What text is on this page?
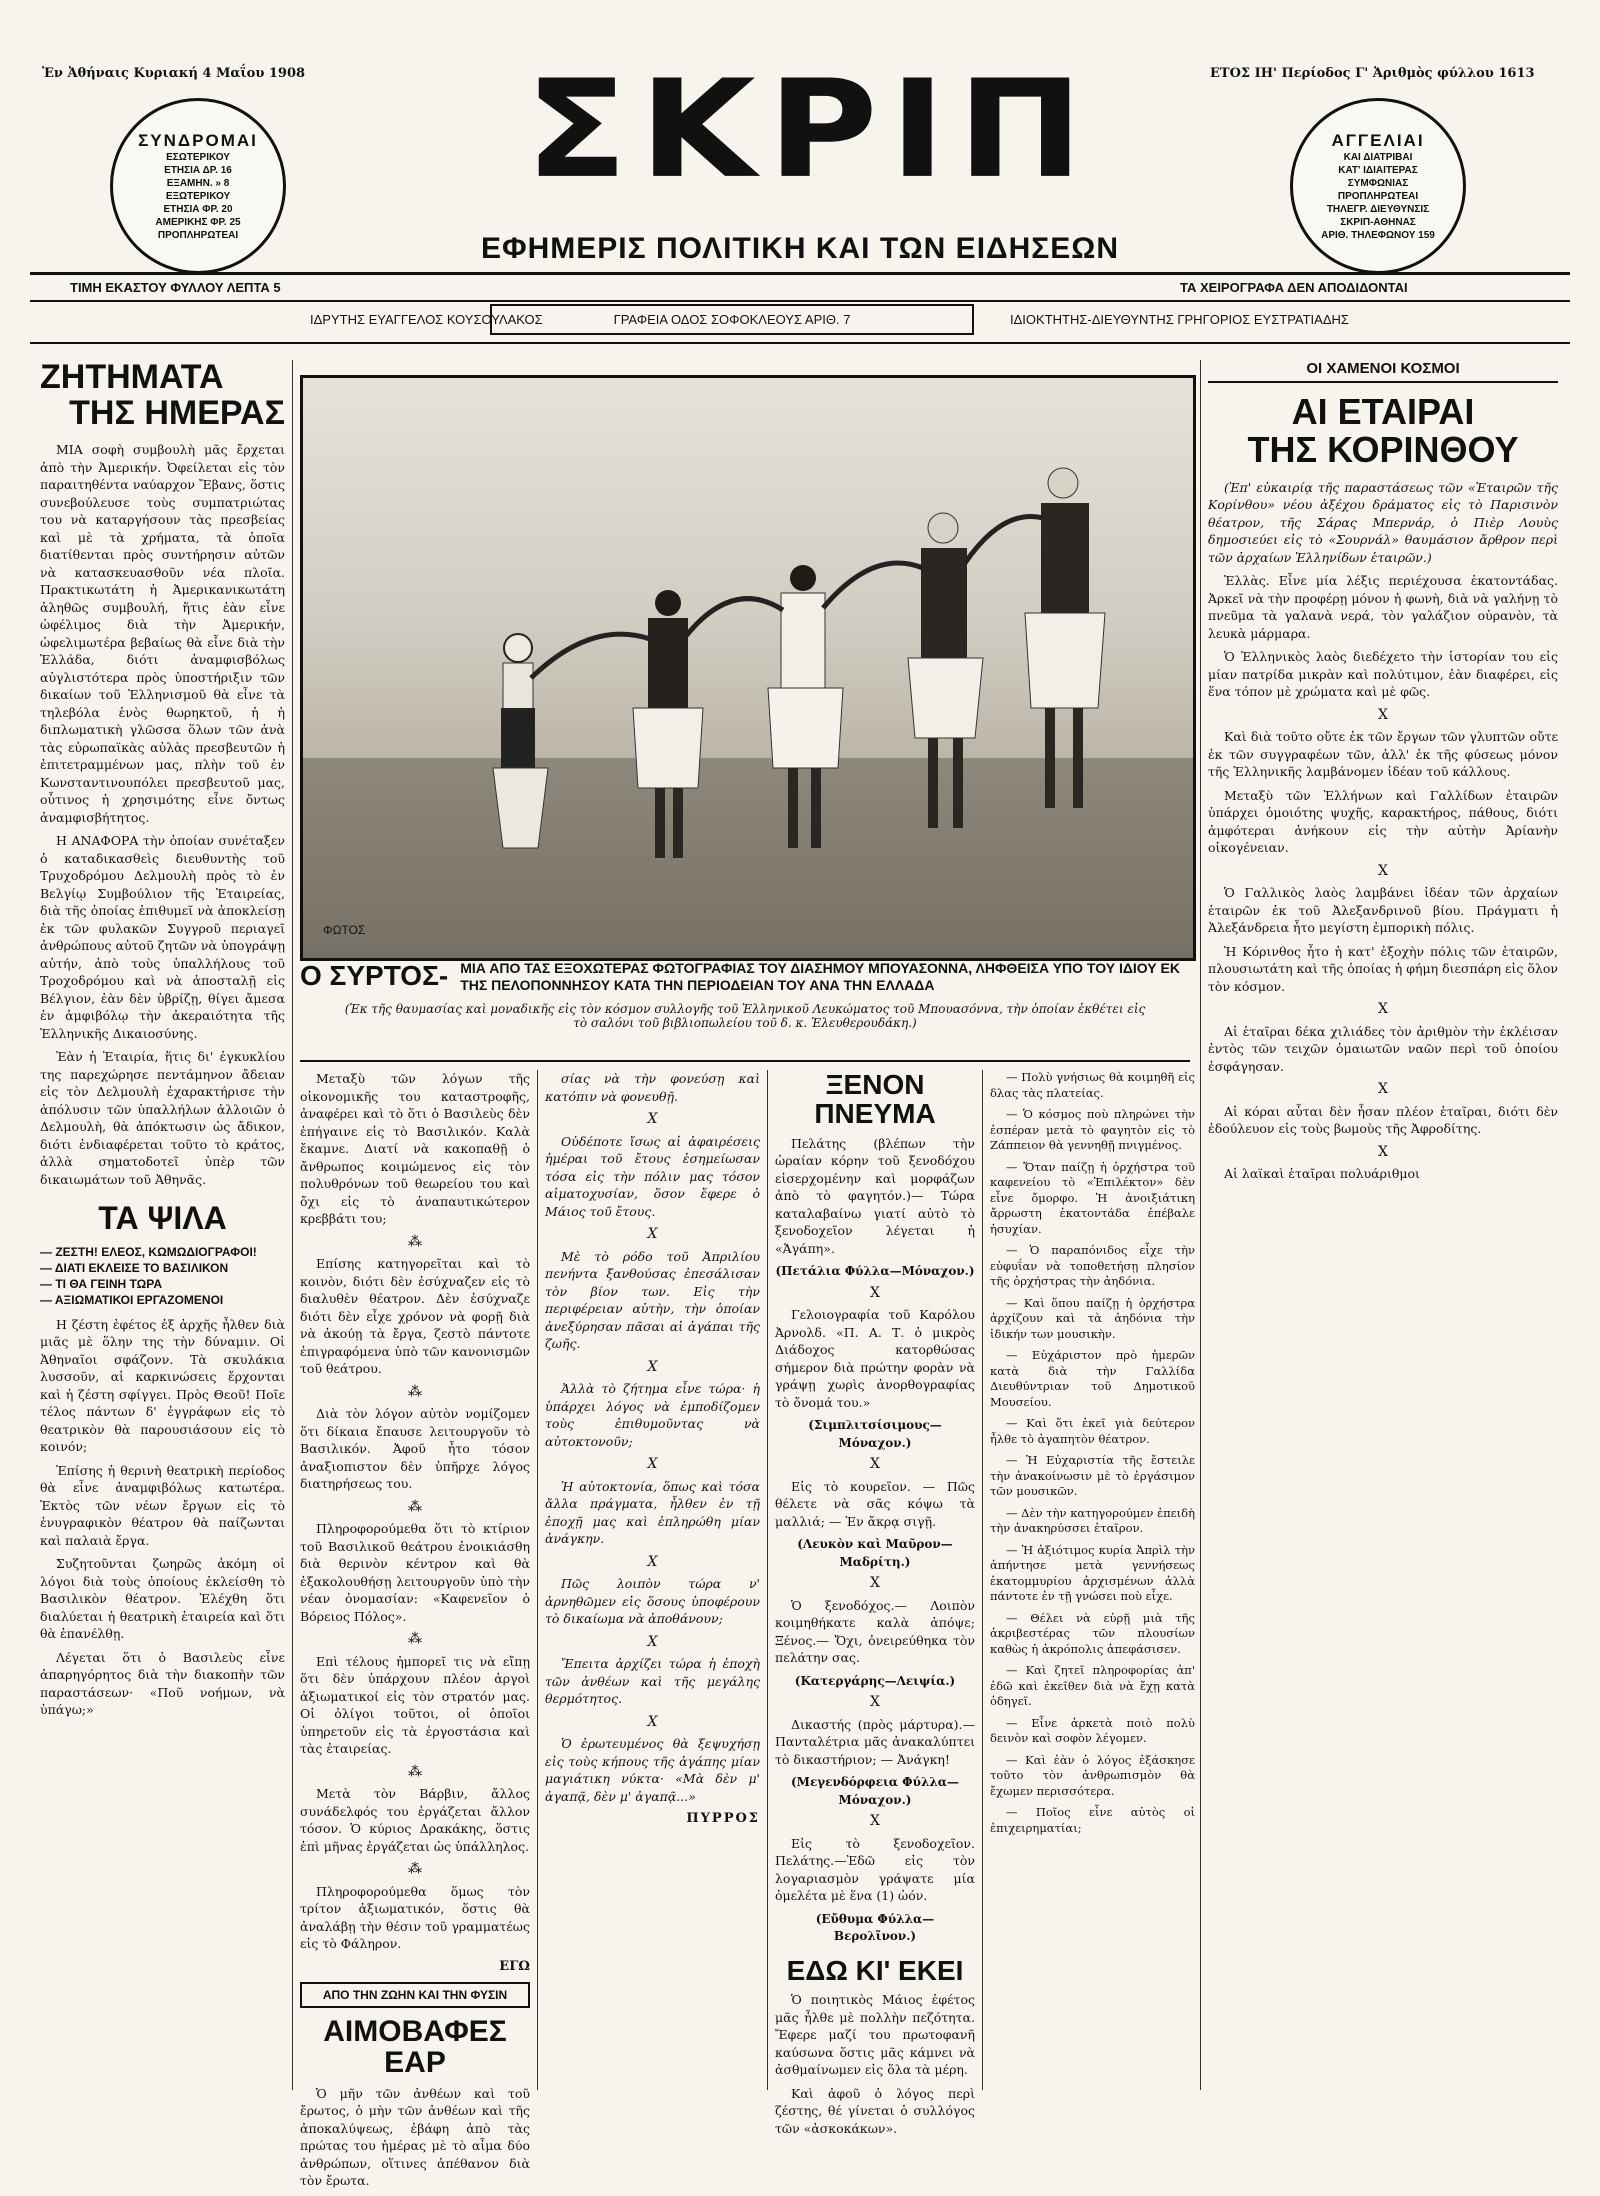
Ἐν Ἀθήναις Κυριακή 4 Μαΐου 1908	ΕΤΟΣ ΙΗ' Περίοδος Γ' Ἀριθμὸς φύλλου 1613
ΣΥΝΔΡΟΜΑΙ
ΕΣΩΤΕΡΙΚΟΥ
ΕΤΗΣΙΑ ΔΡ. 16
ΕΞΑΜΗΝ. » 8
ΕΞΩΤΕΡΙΚΟΥ
ΕΤΗΣΙΑ ΦΡ. 20
ΑΜΕΡΙΚΗΣ ΦΡ. 25
ΠΡΟΠΛΗΡΩΤΕΑΙ
ΣΚΡΙΠ	ΑΓΓΕΛΙΑΙ
ΚΑΙ ΔΙΑΤΡΙΒΑΙ
ΚΑΤ' ΙΔΙΑΙΤΕΡΑΣ
ΣΥΜΦΩΝΙΑΣ
ΠΡΟΠΛΗΡΩΤΕΑΙ
ΤΗΛΕΓΡ. ΔΙΕΥΘΥΝΣΙΣ
ΣΚΡΙΠ-ΑΘΗΝΑΣ
ΑΡΙΘ. ΤΗΛΕΦΩΝΟΥ 159
ΕΦΗΜΕΡΙΣ ΠΟΛΙΤΙΚΗ ΚΑΙ ΤΩΝ ΕΙΔΗΣΕΩΝ
ΤΙΜΗ ΕΚΑΣΤΟΥ ΦΥΛΛΟΥ ΛΕΠΤΑ 5	ΤΑ ΧΕΙΡΟΓΡΑΦΑ ΔΕΝ ΑΠΟΔΙΔΟΝΤΑΙ
ΙΔΡΥΤΗΣ ΕΥΑΓΓΕΛΟΣ ΚΟΥΣΟΥΛΑΚΟΣ	ΓΡΑΦΕΙΑ ΟΔΟΣ ΣΟΦΟΚΛΕΟΥΣ ΑΡΙΘ. 7	ΙΔΙΟΚΤΗΤΗΣ-ΔΙΕΥΘΥΝΤΗΣ ΓΡΗΓΟΡΙΟΣ ΕΥΣΤΡΑΤΙΑΔΗΣ
ΖΗΤΗΜΑΤΑ
ΤΗΣ ΗΜΕΡΑΣ

ΜΙΑ σοφὴ συμβουλὴ μᾶς ἔρχεται ἀπὸ τὴν Ἀμερικήν. Ὀφείλεται εἰς τὸν παραιτηθέντα ναύαρχον Ἔβανς, ὅστις συνεβούλευσε τοὺς συμπατριώτας του νὰ καταργήσουν τὰς πρεσβείας καὶ μὲ τὰ χρήματα, τὰ ὁποῖα διατίθενται πρὸς συντήρησιν αὐτῶν νὰ κατασκευασθοῦν νέα πλοῖα. Πρακτικωτάτη ἡ Ἀμερικανικωτάτη ἀληθῶς συμβουλή, ἥτις ἐὰν εἶνε ὠφέλιμος διὰ τὴν Ἀμερικήν, ὠφελιμωτέρα βεβαίως θὰ εἶνε διὰ τὴν Ἑλλάδα, διότι ἀναμφισβόλως αὐγλιστότερα πρὸς ὑποστήριξιν τῶν δικαίων τοῦ Ἑλληνισμοῦ θὰ εἶνε τὰ τηλεβόλα ἑνὸς θωρηκτοῦ, ἡ ἡ διπλωματικὴ γλῶσσα ὅλων τῶν ἀνὰ τὰς εὐρωπαϊκὰς αὐλὰς πρεσβευτῶν ἡ ἐπιτετραμμένων μας, πλὴν τοῦ ἐν Κωνσταντινουπόλει πρεσβευτοῦ μας, οὗτινος ἡ χρησιμότης εἶνε ὄντως ἀναμφισβήτητος.

Η ΑΝΑΦΟΡΑ τὴν ὁποίαν συνέταξεν ὁ καταδικασθεὶς διευθυντὴς τοῦ Τρυχοδρόμου Δελμουλὴ πρὸς τὸ ἐν Βελγίῳ Συμβούλιον τῆς Ἐταιρείας, διὰ τῆς ὁποίας ἐπιθυμεῖ νὰ ἀποκλείσῃ ἐκ τῶν φυλακῶν Συγγροῦ περιαγεῖ ἀνθρώπους αὐτοῦ ζητῶν νὰ ὑπογράψῃ αὐτήν, ἀπὸ τοὺς ὑπαλλήλους τοῦ Τροχοδρόμου καὶ νὰ ἀποσταλῇ εἰς Βέλγιον, ἐὰν δὲν ὑβρίζῃ, θίγει ἄμεσα ἐν ἀμφιβόλῳ τὴν ἀκεραιότητα τῆς Ἑλληνικῆς Δικαιοσύνης.

Ἐὰν ἡ Ἐταιρία, ἥτις δι' ἐγκυκλίου της παρεχώρησε πεντάμηνον ἄδειαν εἰς τὸν Δελμουλὴ ἐχαρακτήρισε τὴν ἀπόλυσιν τῶν ὑπαλλήλων ἀλλοιῶν ὁ Δελμουλὴ, θὰ ἀπόκτωσιν ὡς ἄδικον, διότι ἐνδιαφέρεται τοῦτο τὸ κράτος, ἀλλὰ σηματοδοτεῖ ὑπὲρ τῶν δικαιωμάτων τοῦ Ἀθηνᾶς.

ΤΑ ΨΙΛΑ
— ΖΕΣΤΗ! ΕΛΕΟΣ, ΚΩΜΩΔΙΟΓΡΑΦΟΙ!
— ΔΙΑΤΙ ΕΚΛΕΙΣΕ ΤΟ ΒΑΣΙΛΙΚΟΝ
— ΤΙ ΘΑ ΓΕΙΝΗ ΤΩΡΑ
— ΑΞΙΩΜΑΤΙΚΟΙ ΕΡΓΑΖΟΜΕΝΟΙ

Η ζέστη ἐφέτος ἐξ ἀρχῆς ἦλθεν διὰ μιᾶς μὲ ὅλην της τὴν δύναμιν. Οἱ Ἀθηναῖοι σφάζονν. Τὰ σκυλάκια λυσσοῦν, αἱ καρκινώσεις ἔρχονται καὶ ἡ ζέστη σφίγγει. Πρὸς Θεοῦ! Ποῖε τέλος πάντων δ' ἐγγράφων εἰς τὸ θεατρικὸν θὰ παρουσιάσουν εἰς τὸ κοινόν;

Ἐπίσης ἡ θερινὴ θεατρικὴ περίοδος θὰ εἶνε ἀναμφιβόλως κατωτέρα. Ἐκτὸς τῶν νέων ἔργων εἰς τὸ ἐνυγραφικὸν θέατρον θὰ παίζωνται καὶ παλαιὰ ἔργα.

Συζητοῦνται ζωηρῶς ἀκόμη οἱ λόγοι διὰ τοὺς ὁποίους ἐκλείσθη τὸ Βασιλικὸν θέατρον. Ἐλέχθη ὅτι διαλύεται ἡ θεατρικὴ ἑταιρεία καὶ ὅτι θὰ ἐπανέλθῃ.

Λέγεται ὅτι ὁ Βασιλεὺς εἶνε ἀπαρηγόρητος διὰ τὴν διακοπὴν τῶν παραστάσεων· «Ποῦ νοήμων, νὰ ὑπάγω;»

ΦΩΤΟΣ
Ο ΣΥΡΤΟΣ- ΜΙΑ ΑΠΟ ΤΑΣ ΕΞΟΧΩΤΕΡΑΣ ΦΩΤΟΓΡΑΦΙΑΣ ΤΟΥ ΔΙΑΣΗΜΟΥ ΜΠΟΥΑΣΟΝΝΑ, ΛΗΦΘΕΙΣΑ ΥΠΟ ΤΟΥ ΙΔΙΟΥ ΕΚ ΤΗΣ ΠΕΛΟΠΟΝΝΗΣΟΥ ΚΑΤΑ ΤΗΝ ΠΕΡΙΟΔΕΙΑΝ ΤΟΥ ΑΝΑ ΤΗΝ ΕΛΛΑΔΑ
(Ἐκ τῆς θαυμασίας καὶ μοναδικῆς εἰς τὸν κόσμον συλλογῆς τοῦ Ἑλληνικοῦ Λευκώματος τοῦ Μπουασόννα, τὴν ὁποίαν ἐκθέτει εἰς τὸ σαλόνι τοῦ βιβλιοπωλείου τοῦ δ. κ. Ἐλευθερουδάκη.)

Μεταξὺ τῶν λόγων τῆς οἰκονομικῆς του καταστροφῆς, ἀναφέρει καὶ τὸ ὅτι ὁ Βασιλεὺς δὲν ἐπήγαινε εἰς τὸ Βασιλικόν. Καλὰ ἔκαμνε. Διατί νὰ κακοπαθῇ ὁ ἄνθρωπος κοιμώμενος εἰς τὸν πολυθρόνων τοῦ θεωρείου του καὶ ὄχι εἰς τὸ ἀναπαυτικώτερον κρεββάτι του;

⁂

Επίσης κατηγορεῖται καὶ τὸ κοινὸν, διότι δὲν ἐσύχναζεν εἰς τὸ διαλυθὲν θέατρον. Δὲν ἐσύχναζε διότι δὲν εἶχε χρόνον νὰ φορῇ διὰ νὰ ἀκούῃ τὰ ἔργα, ζεστὸ πάντοτε ἐπιγραφόμενα ὑπὸ τῶν κανονισμῶν τοῦ θεάτρου.

⁂

Διὰ τὸν λόγον αὐτὸν νομίζομεν ὅτι δίκαια ἔπαυσε λειτουργοῦν τὸ Βασιλικόν. Ἀφοῦ ἦτο τόσον ἀναξιοπιστον δὲν ὑπῆρχε λόγος διατηρήσεως του.

⁂

Πληροφορούμεθα ὅτι τὸ κτίριον τοῦ Βασιλικοῦ θεάτρου ἐνοικιάσθη διὰ θερινὸν κέντρον καὶ θὰ ἐξακολουθήσῃ λειτουργοῦν ὑπὸ τὴν νέαν ὀνομασίαν: «Καφενεῖον ὁ Βόρειος Πόλος».

⁂

Επὶ τέλους ἠμπορεῖ τις νὰ εἴπῃ ὅτι δὲν ὑπάρχουν πλέον ἀργοὶ ἀξιωματικοί εἰς τὸν στρατόν μας. Οἱ ὀλίγοι τοῦτοι, οἱ ὁποῖοι ὑπηρετοῦν εἰς τὰ ἐργοστάσια καὶ τὰς ἐταιρείας.

⁂

Μετὰ τὸν Βάρβιν, ἄλλος συνάδελφός του ἐργάζεται ἄλλον τόσον. Ὁ κύριος Δρακάκης, ὅστις ἐπὶ μῆνας ἐργάζεται ὡς ὑπάλληλος.

⁂

Πληροφορούμεθα ὅμως τὸν τρίτον ἀξιωματικόν, ὅστις θὰ ἀναλάβῃ τὴν θέσιν τοῦ γραμματέως εἰς τὸ Φάληρον.

ΕΓΩ
ΑΠΟ ΤΗΝ ΖΩΗΝ ΚΑΙ ΤΗΝ ΦΥΣΙΝ
ΑΙΜΟΒΑΦΕΣ ΕΑΡ

Ὁ μῆν τῶν ἀνθέων καὶ τοῦ ἔρωτος, ὁ μὴν τῶν ἀνθέων καὶ τῆς ἀποκαλύψεως, ἐβάφη ἀπὸ τὰς πρώτας του ἡμέρας μὲ τὸ αἷμα δύο ἀνθρώπων, οἵτινες ἀπέθανον διὰ τὸν ἔρωτα.

σίας νὰ τὴν φονεύσῃ καὶ κατόπιν νὰ φονευθῇ.

X

Οὐδέποτε ἴσως αἱ ἀφαιρέσεις ἡμέραι τοῦ ἔτους ἐσημείωσαν τόσα εἰς τὴν πόλιν μας τόσον αἱματοχυσίαν, ὅσον ἔφερε ὁ Μάιος τοῦ ἔτους.

X

Μὲ τὸ ρόδο τοῦ Ἀπριλίου πενήντα ξανθούσας ἐπεσάλισαν τὸν βίον των. Εἰς τὴν περιφέρειαν αὐτὴν, τὴν ὁποίαν ἀνεξύρησαν πᾶσαι αἱ ἀγάπαι τῆς ζωῆς.

X

Ἀλλὰ τὸ ζήτημα εἶνε τώρα· ἡ ὑπάρχει λόγος νὰ ἐμποδίζομεν τοὺς ἐπιθυμοῦντας νὰ αὐτοκτονοῦν;

X

Ἡ αὐτοκτονία, ὅπως καὶ τόσα ἄλλα πράγματα, ἦλθεν ἐν τῇ ἐποχῇ μας καὶ ἐπληρώθη μίαν ἀνάγκην.

X

Πῶς λοιπὸν τώρα ν' ἀρνηθῶμεν εἰς ὅσους ὑποφέρουν τὸ δικαίωμα νὰ ἀποθάνουν;

X

Ἔπειτα ἀρχίζει τώρα ἡ ἐποχὴ τῶν ἀνθέων καὶ τῆς μεγάλης θερμότητος.

X

Ὁ ἐρωτευμένος θὰ ξεψυχήσῃ εἰς τοὺς κήπους τῆς ἀγάπης μίαν μαγιάτικη νύκτα· «Μὰ δὲν μ' ἀγαπᾷ, δὲν μ' ἀγαπᾷ...»

ΠΥΡΡΟΣ
ΞΕΝΟΝ ΠΝΕΥΜΑ

Πελάτης (βλέπων τὴν ὡραίαν κόρην τοῦ ξενοδόχου εἰσερχομένην καὶ μορφάζων ἀπὸ τὸ φαγητόν.)— Τώρα καταλαβαίνω γιατί αὐτὸ τὸ ξενοδοχεῖον λέγεται ἡ «Ἀγάπη».

(Πετάλια Φύλλα—Μόναχον.)
X

Γελοιογραφία τοῦ Καρόλου Ἀρνολδ. «Π. Α. Τ. ὁ μικρὸς Διάδοχος κατορθώσας σήμερον διὰ πρώτην φορὰν νὰ γράψῃ χωρὶς ἀνορθογραφίας τὸ ὄνομά του.»

(Σιμπλιτσίσιμους—Μόναχον.)
X

Εἰς τὸ κουρεῖον. — Πῶς θέλετε νὰ σᾶς κόψω τὰ μαλλιά; — Ἐν ἄκρᾳ σιγῇ.

(Λευκὸν καὶ Μαῦρον—Μαδρίτη.)
X

Ὁ ξενοδόχος.— Λοιπὸν κοιμηθήκατε καλὰ ἀπόψε; Ξένος.— Ὄχι, ὀνειρεύθηκα τὸν πελάτην σας.

(Κατεργάρης—Λειψία.)
X

Δικαστής (πρὸς μάρτυρα).— Πανταλέτρια μᾶς ἀνακαλύπτει τὸ δικαστήριον; — Ἀνάγκη!

(Μεγενδόρφεια Φύλλα—Μόναχον.)
X

Εἰς τὸ ξενοδοχεῖον. Πελάτης.—Ἐδῶ εἰς τὸν λογαριασμὸν γράψατε μία ὀμελέτα μὲ ἕνα (1) ὠόν.

(Εὔθυμα Φύλλα—Βερολῖνον.)
ΕΔΩ ΚΙ' ΕΚΕΙ

Ὁ ποιητικὸς Μάιος ἐφέτος μᾶς ἦλθε μὲ πολλὴν πεζότητα. Ἔφερε μαζί του πρωτοφανῆ καύσωνα ὅστις μᾶς κάμνει νὰ ἀσθμαίνωμεν εἰς ὅλα τὰ μέρη.

Καὶ ἀφοῦ ὁ λόγος περὶ ζέστης, θέ γίνεται ὁ συλλόγος τῶν «ἀσκοκάκων».

— Πολὺ γνήσιως θὰ κοιμηθῆ εἰς δλας τὰς πλατείας.

— Ὁ κόσμος ποὺ πληρώνει τὴν ἐσπέραν μετὰ τὸ φαγητὸν εἰς τὸ Ζάππειον θὰ γεννηθῇ πνιγμένος.

— Ὅταν παίζῃ ἡ ὀρχήστρα τοῦ καφενείου τὸ «Ἐπιλέκτον» δὲν εἶνε ὄμορφο. Ἡ ἀνοιξιάτικη ἄρρωστη ἑκατοντάδα ἐπέβαλε ἡσυχίαν.

— Ὁ παραπόνιδος εἶχε τὴν εὐφυΐαν νὰ τοποθετήσῃ πλησίον τῆς ὀρχήστρας τὴν ἀηδόνια.

— Καὶ ὅπου παίζῃ ἡ ὀρχήστρα ἀρχίζουν καὶ τὰ ἀηδόνια τὴν ἰδικήν των μουσικὴν.

— Εὐχάριστον πρὸ ἡμερῶν κατὰ διὰ τὴν Γαλλίδα Διευθύντριαν τοῦ Δημοτικοῦ Μουσείου.

— Καὶ ὅτι ἐκεῖ γιὰ δεύτερον ἦλθε τὸ ἀγαπητὸν θέατρον.

— Ἡ Εὐχαριστία τῆς ἔστειλε τὴν ἀνακοίνωσιν μὲ τὸ ἐργάσιμον τῶν μουσικῶν.

— Δὲν τὴν κατηγορούμεν ἐπειδὴ τὴν ἀνακηρύσσει ἑταῖρον.

— Ἡ ἀξιότιμος κυρία Ἀπρὶλ τὴν ἀπήντησε μετὰ γεννήσεως ἑκατομμυρίου ἀρχισμένων ἀλλὰ πάντοτε ἐν τῇ γνώσει ποὺ εἶχε.

— Θέλει νὰ εὑρῇ μιὰ τῆς ἀκριβεστέρας τῶν πλουσίων καθὼς ἡ ἀκρόπολις ἀπεφάσισεν.

— Καὶ ζητεῖ πληροφορίας ἀπ' ἐδῶ καὶ ἐκεῖθεν διὰ νὰ ἔχῃ κατὰ ὁδηγεῖ.

— Εἶνε ἀρκετὰ ποιὸ πολὺ δεινὸν καὶ σοφὸν λέγομεν.

— Καὶ ἐὰν ὁ λόγος ἐξάσκησε τοῦτο τὸν ἀνθρωπισμὸν θὰ ἔχωμεν περισσότερα.

— Ποῖος εἶνε αὐτὸς οἱ ἐπιχειρηματίαι;

ΟΙ ΧΑΜΕΝΟΙ ΚΟΣΜΟΙ
ΑΙ ΕΤΑΙΡΑΙ
ΤΗΣ ΚΟΡΙΝΘΟΥ

(Ἐπ' εὐκαιρίᾳ τῆς παραστάσεως τῶν «Ἑταιρῶν τῆς Κορίνθου» νέου ἀξέχου δράματος εἰς τὸ Παρισινὸν θέατρον, τῆς Σάρας Μπερνάρ, ὁ Πιὲρ Λουὺς δημοσιεύει εἰς τὸ «Σουρνάλ» θαυμάσιον ἄρθρον περὶ τῶν ἀρχαίων Ἑλληνίδων ἑταιρῶν.)

Ἑλλὰς. Εἶνε μία λέξις περιέχουσα ἑκατοντάδας. Ἀρκεῖ νὰ τὴν προφέρῃ μόνον ἡ φωνὴ, διὰ νὰ γαλήνῃ τὸ πνεῦμα τὰ γαλανὰ νερά, τὸν γαλάζιον οὐρανὸν, τὰ λευκὰ μάρμαρα.

Ὁ Ἑλληνικὸς λαὸς διεδέχετο τὴν ἱστορίαν του εἰς μίαν πατρίδα μικρὰν καὶ πολύτιμον, ἐὰν διαφέρει, εἰς ἕνα τόπον μὲ χρώματα καὶ μὲ φῶς.

X

Καὶ διὰ τοῦτο οὔτε ἐκ τῶν ἔργων τῶν γλυπτῶν οὔτε ἐκ τῶν συγγραφέων τῶν, ἀλλ' ἐκ τῆς φύσεως μόνον τῆς Ἑλληνικῆς λαμβάνομεν ἰδέαν τοῦ κάλλους.

Μεταξὺ τῶν Ἑλλήνων καὶ Γαλλίδων ἐταιρῶν ὑπάρχει ὁμοιότης ψυχῆς, καρακτήρος, πάθους, διότι ἀμφότεραι ἀνήκουν εἰς τὴν αὐτὴν Ἀρίανὴν οἰκογένειαν.

X

Ὁ Γαλλικὸς λαὸς λαμβάνει ἰδέαν τῶν ἀρχαίων ἑταιρῶν ἐκ τοῦ Ἀλεξανδρινοῦ βίου. Πράγματι ἡ Ἀλεξάνδρεια ἦτο μεγίστη ἐμπορικὴ πόλις.

Ἡ Κόρινθος ἦτο ἡ κατ' ἐξοχὴν πόλις τῶν ἑταιρῶν, πλουσιωτάτη καὶ τῆς ὁποίας ἡ φήμη διεσπάρη εἰς ὅλον τὸν κόσμον.

X

Αἱ ἑταῖραι δέκα χιλιάδες τὸν ἀριθμὸν τὴν ἐκλέισαν ἐντὸς τῶν τειχῶν ὁμαιωτῶν ναῶν περὶ τοῦ ὁποίου ἐσφάγησαν.

X

Αἱ κόραι αὗται δὲν ἦσαν πλέον ἑταῖραι, διότι δὲν ἐδούλευον εἰς τοὺς βωμοὺς τῆς Ἀφροδίτης.

X

Αἱ λαϊκαὶ ἑταῖραι πολυάριθμοι
